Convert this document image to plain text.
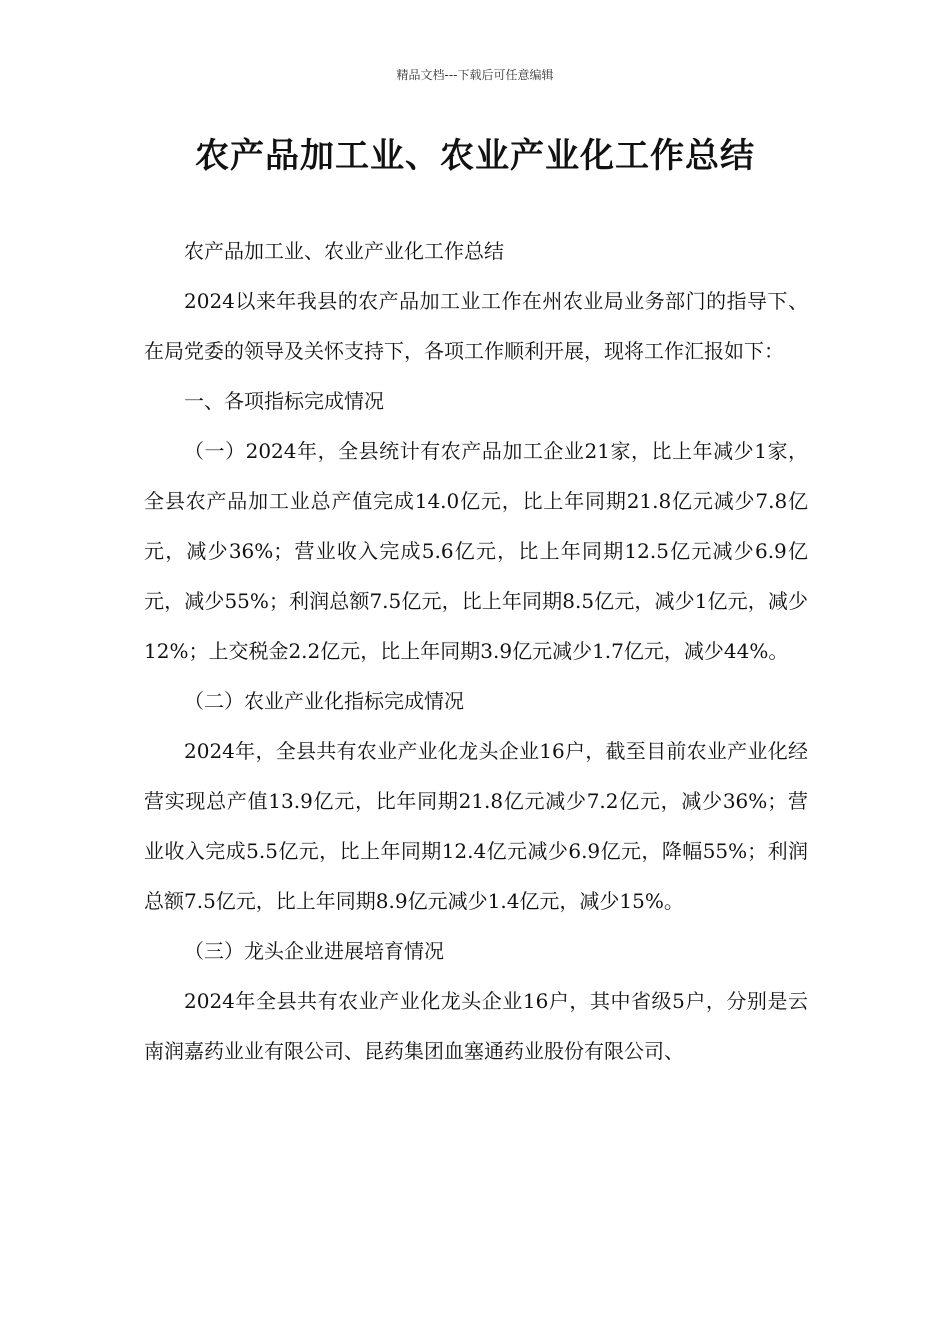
精品文档---下载后可任意编辑
农产品加工业、农业产业化工作总结

农产品加工业、农业产业化工作总结

2024以来年我县的农产品加工业工作在州农业局业务部门的指导下、在局党委的领导及关怀支持下，各项工作顺利开展，现将工作汇报如下：

一、各项指标完成情况

（一）2024年，全县统计有农产品加工企业21家，比上年减少1家，全县农产品加工业总产值完成14.0亿元，比上年同期21.8亿元减少7.8亿元，减少36%；营业收入完成5.6亿元，比上年同期12.5亿元减少6.9亿元，减少55%；利润总额7.5亿元，比上年同期8.5亿元，减少1亿元，减少12%；上交税金2.2亿元，比上年同期3.9亿元减少1.7亿元，减少44%。

（二）农业产业化指标完成情况

2024年，全县共有农业产业化龙头企业16户，截至目前农业产业化经营实现总产值13.9亿元，比年同期21.8亿元减少7.2亿元，减少36%；营业收入完成5.5亿元，比上年同期12.4亿元减少6.9亿元，降幅55%；利润总额7.5亿元，比上年同期8.9亿元减少1.4亿元，减少15%。

（三）龙头企业进展培育情况

2024年全县共有农业产业化龙头企业16户，其中省级5户，分别是云南润嘉药业业有限公司、昆药集团血塞通药业股份有限公司、
